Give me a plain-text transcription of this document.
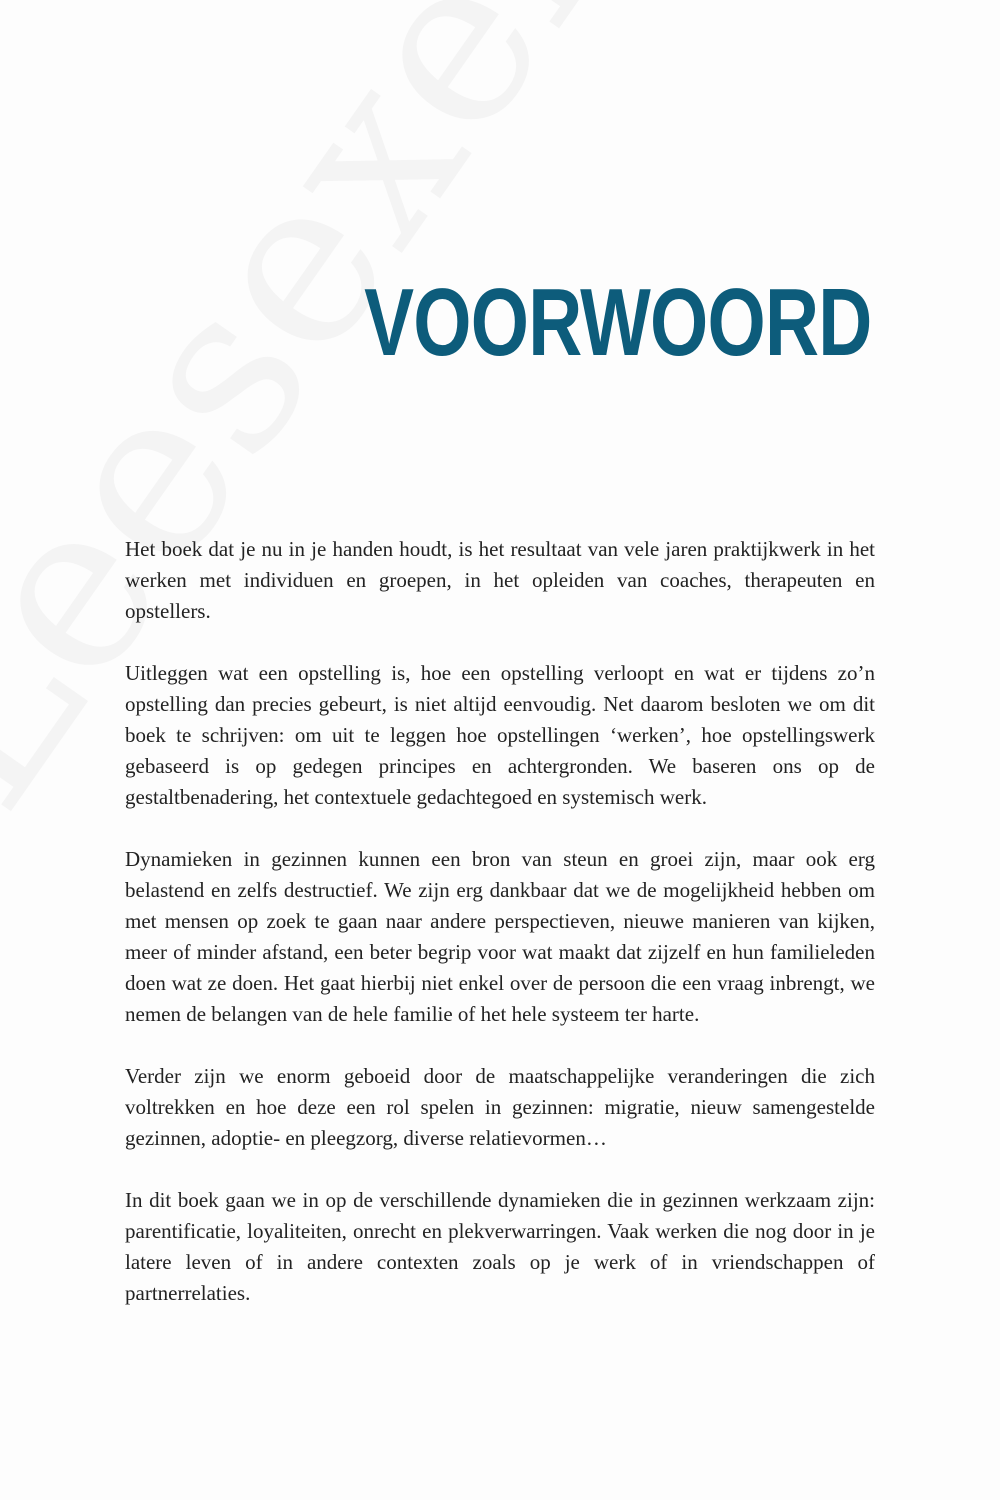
VOORWOORD

Het boek dat je nu in je handen houdt, is het resultaat van vele jaren praktijkwerk in het werken met individuen en groepen, in het opleiden van coaches, therapeuten en opstellers.

Uitleggen wat een opstelling is, hoe een opstelling verloopt en wat er tijdens zo’n opstelling dan precies gebeurt, is niet altijd eenvoudig. Net daarom besloten we om dit boek te schrijven: om uit te leggen hoe opstellingen ‘werken’, hoe opstellingswerk gebaseerd is op gedegen principes en achtergronden. We baseren ons op de gestaltbenadering, het contextuele gedachtegoed en systemisch werk.

Dynamieken in gezinnen kunnen een bron van steun en groei zijn, maar ook erg belastend en zelfs destructief. We zijn erg dankbaar dat we de mogelijkheid hebben om met mensen op zoek te gaan naar andere perspectieven, nieuwe manieren van kijken, meer of minder afstand, een beter begrip voor wat maakt dat zijzelf en hun familieleden doen wat ze doen. Het gaat hierbij niet enkel over de persoon die een vraag inbrengt, we nemen de belangen van de hele familie of het hele systeem ter harte.

Verder zijn we enorm geboeid door de maatschappelijke veranderingen die zich voltrekken en hoe deze een rol spelen in gezinnen: migratie, nieuw samengestelde gezinnen, adoptie- en pleegzorg, diverse relatievormen…

In dit boek gaan we in op de verschillende dynamieken die in gezinnen werkzaam zijn: parentificatie, loyaliteiten, onrecht en plekverwarringen. Vaak werken die nog door in je latere leven of in andere contexten zoals op je werk of in vriendschappen of partnerrelaties.
